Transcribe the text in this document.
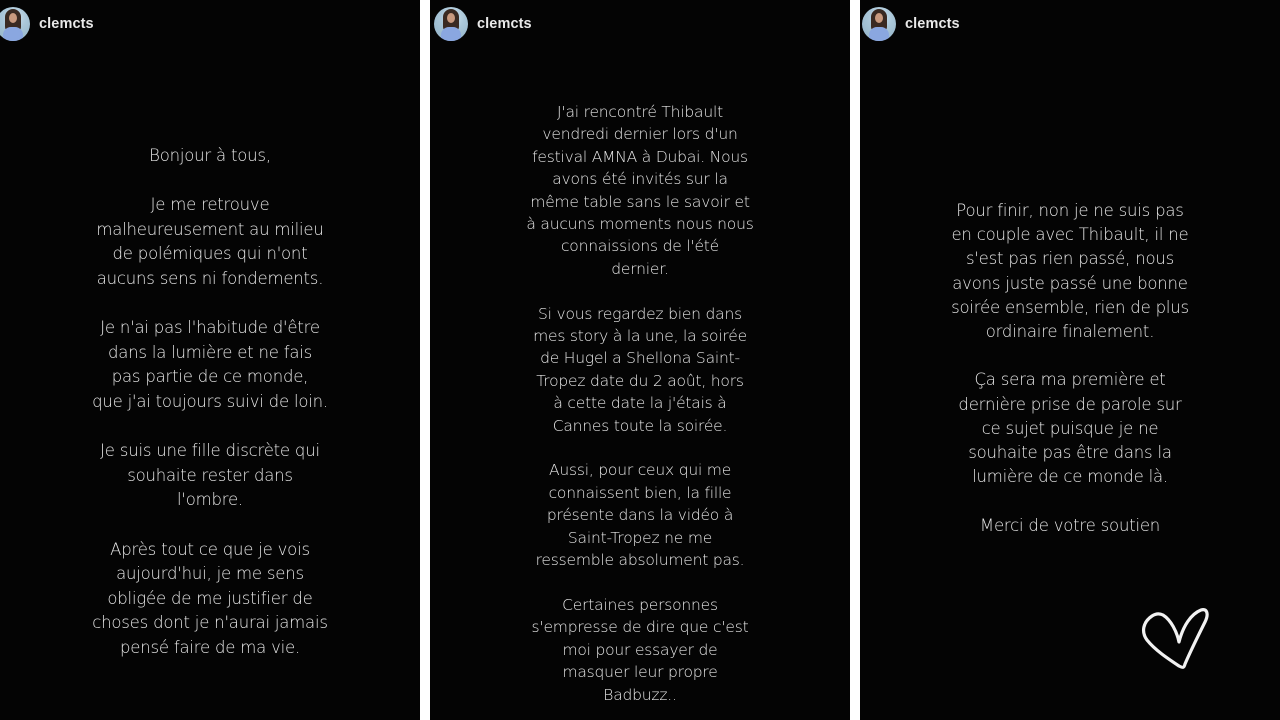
clemcts
Bonjour à tous,
Je me retrouve
malheureusement au milieu
de polémiques qui n'ont
aucuns sens ni fondements.
Je n'ai pas l'habitude d'être
dans la lumière et ne fais
pas partie de ce monde,
que j'ai toujours suivi de loin.
Je suis une fille discrète qui
souhaite rester dans
l'ombre.
Après tout ce que je vois
aujourd'hui, je me sens
obligée de me justifier de
choses dont je n'aurai jamais
pensé faire de ma vie.
clemcts
J'ai rencontré Thibault
vendredi dernier lors d'un
festival AMNA à Dubai. Nous
avons été invités sur la
même table sans le savoir et
à aucuns moments nous nous
connaissions de l'été
dernier.
Si vous regardez bien dans
mes story à la une, la soirée
de Hugel a Shellona Saint-
Tropez date du 2 août, hors
à cette date la j'étais à
Cannes toute la soirée.
Aussi, pour ceux qui me
connaissent bien, la fille
présente dans la vidéo à
Saint-Tropez ne me
ressemble absolument pas.
Certaines personnes
s'empresse de dire que c'est
moi pour essayer de
masquer leur propre
Badbuzz..
clemcts
Pour finir, non je ne suis pas
en couple avec Thibault, il ne
s'est pas rien passé, nous
avons juste passé une bonne
soirée ensemble, rien de plus
ordinaire finalement.
Ça sera ma première et
dernière prise de parole sur
ce sujet puisque je ne
souhaite pas être dans la
lumière de ce monde là.
Merci de votre soutien
